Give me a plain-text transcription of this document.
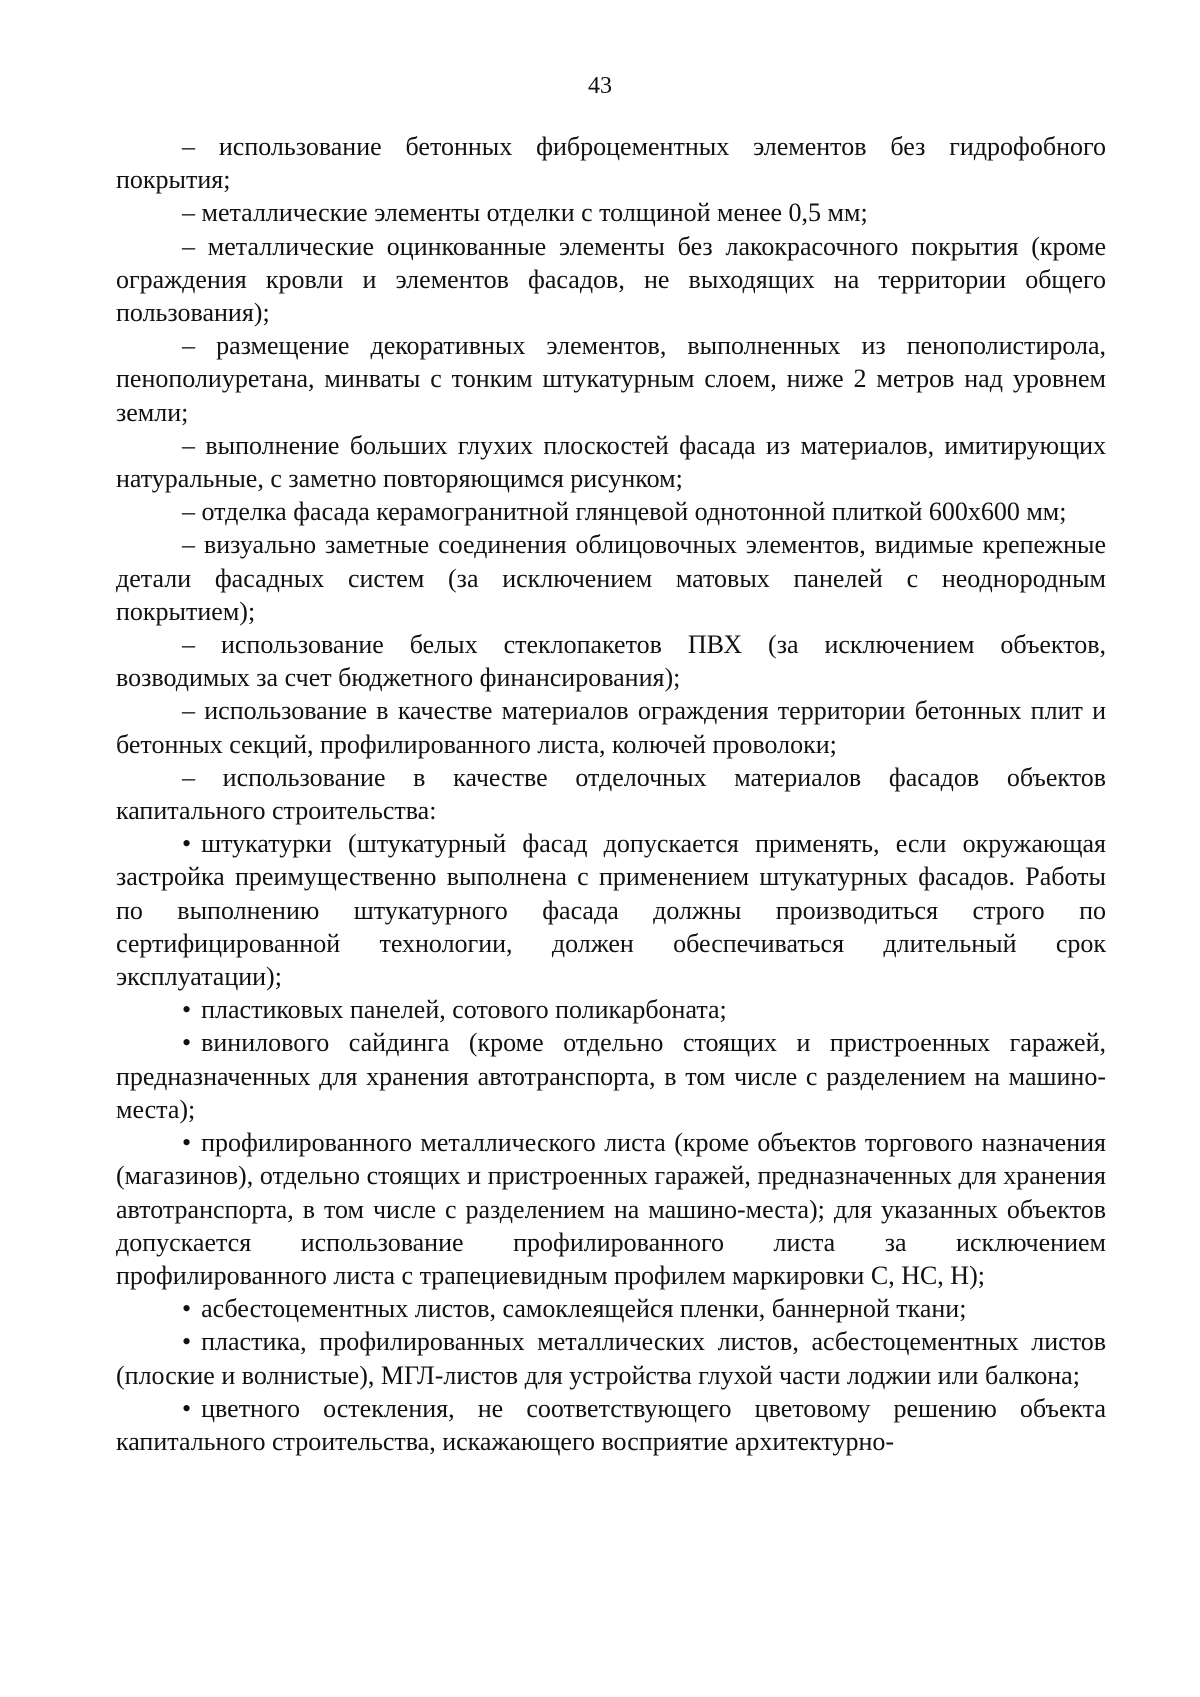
43

– использование бетонных фиброцементных элементов без гидрофобного покрытия;

– металлические элементы отделки с толщиной менее 0,5 мм;

– металлические оцинкованные элементы без лакокрасочного покрытия (кроме ограждения кровли и элементов фасадов, не выходящих на территории общего пользования);

– размещение декоративных элементов, выполненных из пенополистирола, пенополиуретана, минваты с тонким штукатурным слоем, ниже 2 метров над уровнем земли;

– выполнение больших глухих плоскостей фасада из материалов, имитирующих натуральные, с заметно повторяющимся рисунком;

– отделка фасада керамогранитной глянцевой однотонной плиткой 600х600 мм;

– визуально заметные соединения облицовочных элементов, видимые крепежные детали фасадных систем (за исключением матовых панелей с неоднородным покрытием);

– использование белых стеклопакетов ПВХ (за исключением объектов, возводимых за счет бюджетного финансирования);

– использование в качестве материалов ограждения территории бетонных плит и бетонных секций, профилированного листа, колючей проволоки;

– использование в качестве отделочных материалов фасадов объектов капитального строительства:

• штукатурки (штукатурный фасад допускается применять, если окружающая застройка преимущественно выполнена с применением штукатурных фасадов. Работы по выполнению штукатурного фасада должны производиться строго по сертифицированной технологии, должен обеспечиваться длительный срок эксплуатации);

• пластиковых панелей, сотового поликарбоната;

• винилового сайдинга (кроме отдельно стоящих и пристроенных гаражей, предназначенных для хранения автотранспорта, в том числе с разделением на машино-места);

• профилированного металлического листа (кроме объектов торгового назначения (магазинов), отдельно стоящих и пристроенных гаражей, предназначенных для хранения автотранспорта, в том числе с разделением на машино-места); для указанных объектов допускается использование профилированного листа за исключением профилированного листа с трапециевидным профилем маркировки С, НС, Н);

• асбестоцементных листов, самоклеящейся пленки, баннерной ткани;

• пластика, профилированных металлических листов, асбестоцементных листов (плоские и волнистые), МГЛ-листов для устройства глухой части лоджии или балкона;

• цветного остекления, не соответствующего цветовому решению объекта капитального строительства, искажающего восприятие архитектурно-
